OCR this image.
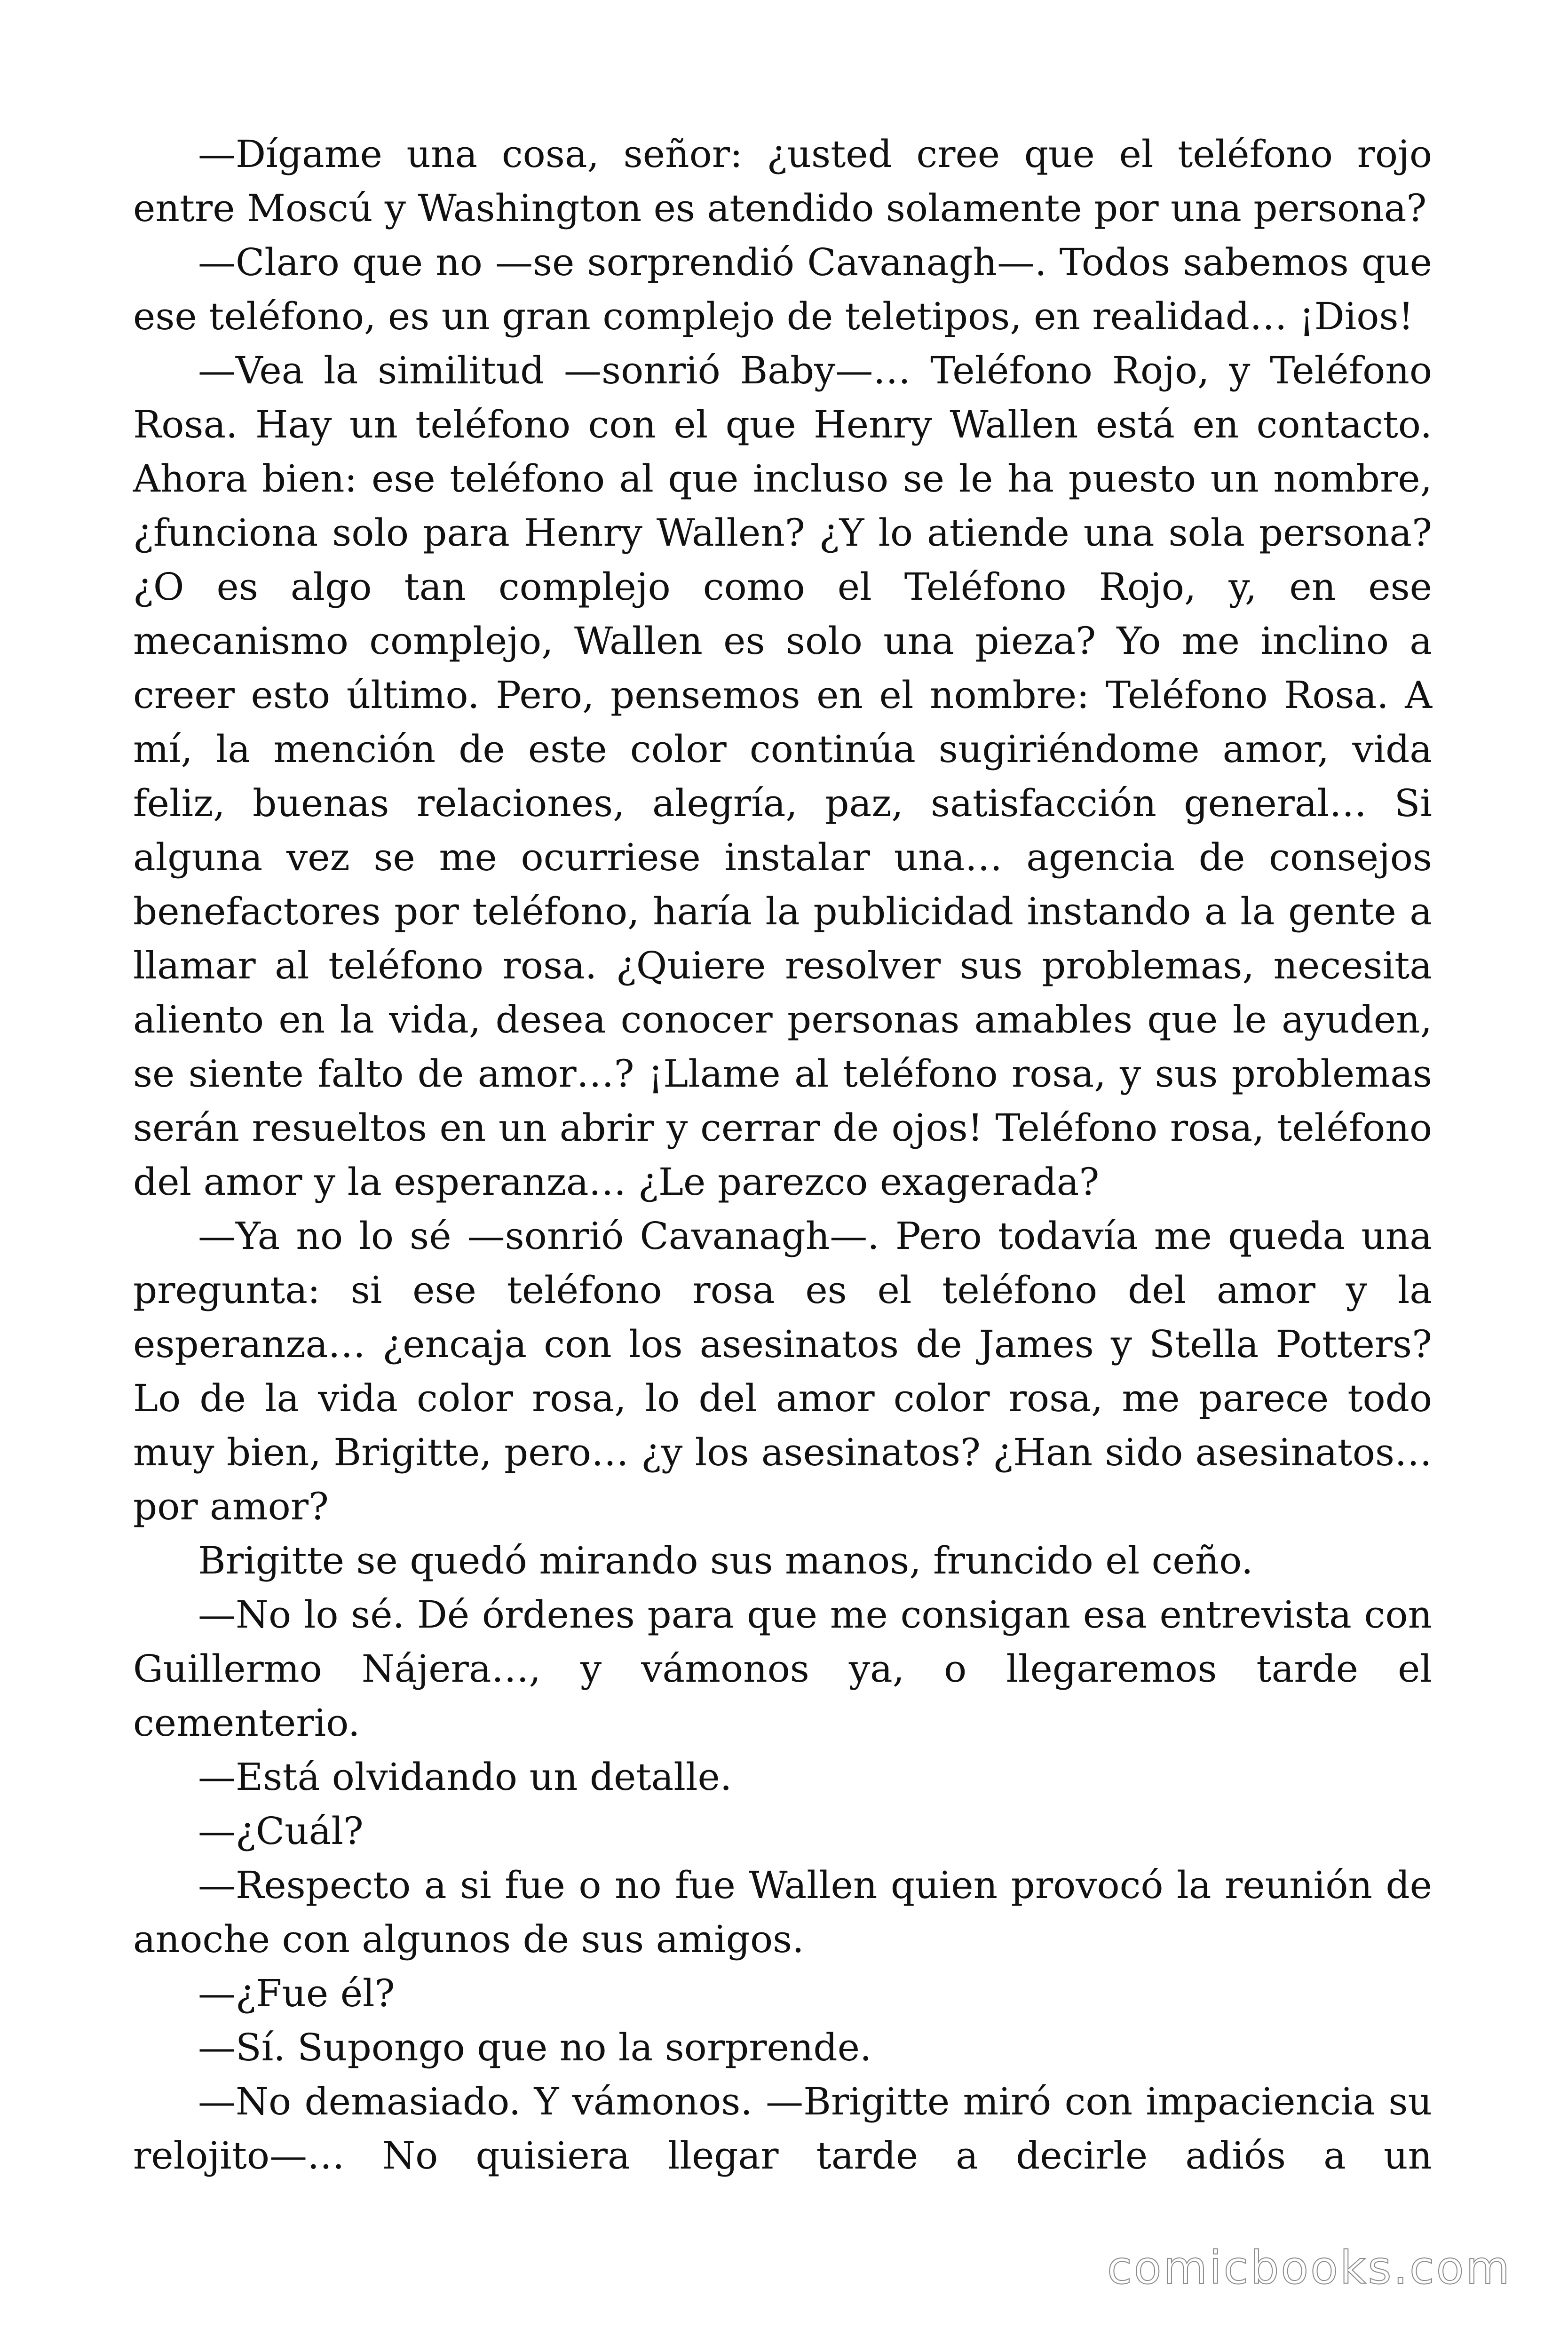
—Dígame una cosa, señor: ¿usted cree que el teléfono rojo entre Moscú y Washington es atendido solamente por una persona?

—Claro que no —se sorprendió Cavanagh—. Todos sabemos que ese teléfono, es un gran complejo de teletipos, en realidad… ¡Dios!

—Vea la similitud —sonrió Baby—… Teléfono Rojo, y Teléfono Rosa. Hay un teléfono con el que Henry Wallen está en contacto. Ahora bien: ese teléfono al que incluso se le ha puesto un nombre, ¿funciona solo para Henry Wallen? ¿Y lo atiende una sola persona? ¿O es algo tan complejo como el Teléfono Rojo, y, en ese mecanismo complejo, Wallen es solo una pieza? Yo me inclino a creer esto último. Pero, pensemos en el nombre: Teléfono Rosa. A mí, la mención de este color continúa sugiriéndome amor, vida feliz, buenas relaciones, alegría, paz, satisfacción general… Si alguna vez se me ocurriese instalar una… agencia de consejos benefactores por teléfono, haría la publicidad instando a la gente a llamar al teléfono rosa. ¿Quiere resolver sus problemas, necesita aliento en la vida, desea conocer personas amables que le ayuden, se siente falto de amor…? ¡Llame al teléfono rosa, y sus problemas serán resueltos en un abrir y cerrar de ojos! Teléfono rosa, teléfono del amor y la esperanza… ¿Le parezco exagerada?

—Ya no lo sé —sonrió Cavanagh—. Pero todavía me queda una pregunta: si ese teléfono rosa es el teléfono del amor y la esperanza… ¿encaja con los asesinatos de James y Stella Potters? Lo de la vida color rosa, lo del amor color rosa, me parece todo muy bien, Brigitte, pero… ¿y los asesinatos? ¿Han sido asesinatos… por amor?

Brigitte se quedó mirando sus manos, fruncido el ceño.

—No lo sé. Dé órdenes para que me consigan esa entrevista con Guillermo Nájera…, y vámonos ya, o llegaremos tarde el cementerio.

—Está olvidando un detalle.

—¿Cuál?

—Respecto a si fue o no fue Wallen quien provocó la reunión de anoche con algunos de sus amigos.

—¿Fue él?

—Sí. Supongo que no la sorprende.

—No demasiado. Y vámonos. —Brigitte miró con impaciencia su relojito—… No quisiera llegar tarde a decirle adiós a un

comicbooks.com
